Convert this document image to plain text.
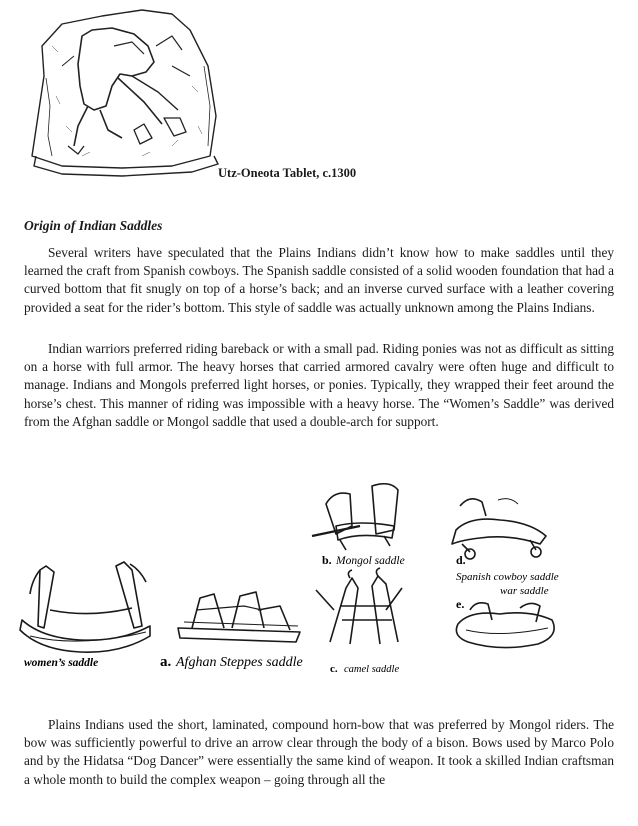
Utz-Oneota Tablet, c.1300
Origin of Indian Saddles

Several writers have speculated that the Plains Indians didn’t know how to make saddles until they learned the craft from Spanish cowboys. The Spanish saddle consisted of a solid wooden foundation that had a curved bottom that fit snugly on top of a horse’s back; and an inverse curved surface with a leather covering provided a seat for the rider’s bottom. This style of saddle was actually unknown among the Plains Indians.

Indian warriors preferred riding bareback or with a small pad. Riding ponies was not as difficult as sitting on a horse with full armor. The heavy horses that carried armored cavalry were often huge and difficult to manage. Indians and Mongols preferred light horses, or ponies. Typically, they wrapped their feet around the horse’s chest. This manner of riding was impossible with a heavy horse. The “Women’s Saddle” was derived from the Afghan saddle or Mongol saddle that used a double-arch for support.

women’s saddle	a. Afghan Steppes saddle
b. Mongol saddle
c. camel saddle
d.
Spanish cowboy saddle
war saddle
e.

Plains Indians used the short, laminated, compound horn-bow that was preferred by Mongol riders. The bow was sufficiently powerful to drive an arrow clear through the body of a bison. Bows used by Marco Polo and by the Hidatsa “Dog Dancer” were essentially the same kind of weapon. It took a skilled Indian craftsman a whole month to build the complex weapon – going through all the
